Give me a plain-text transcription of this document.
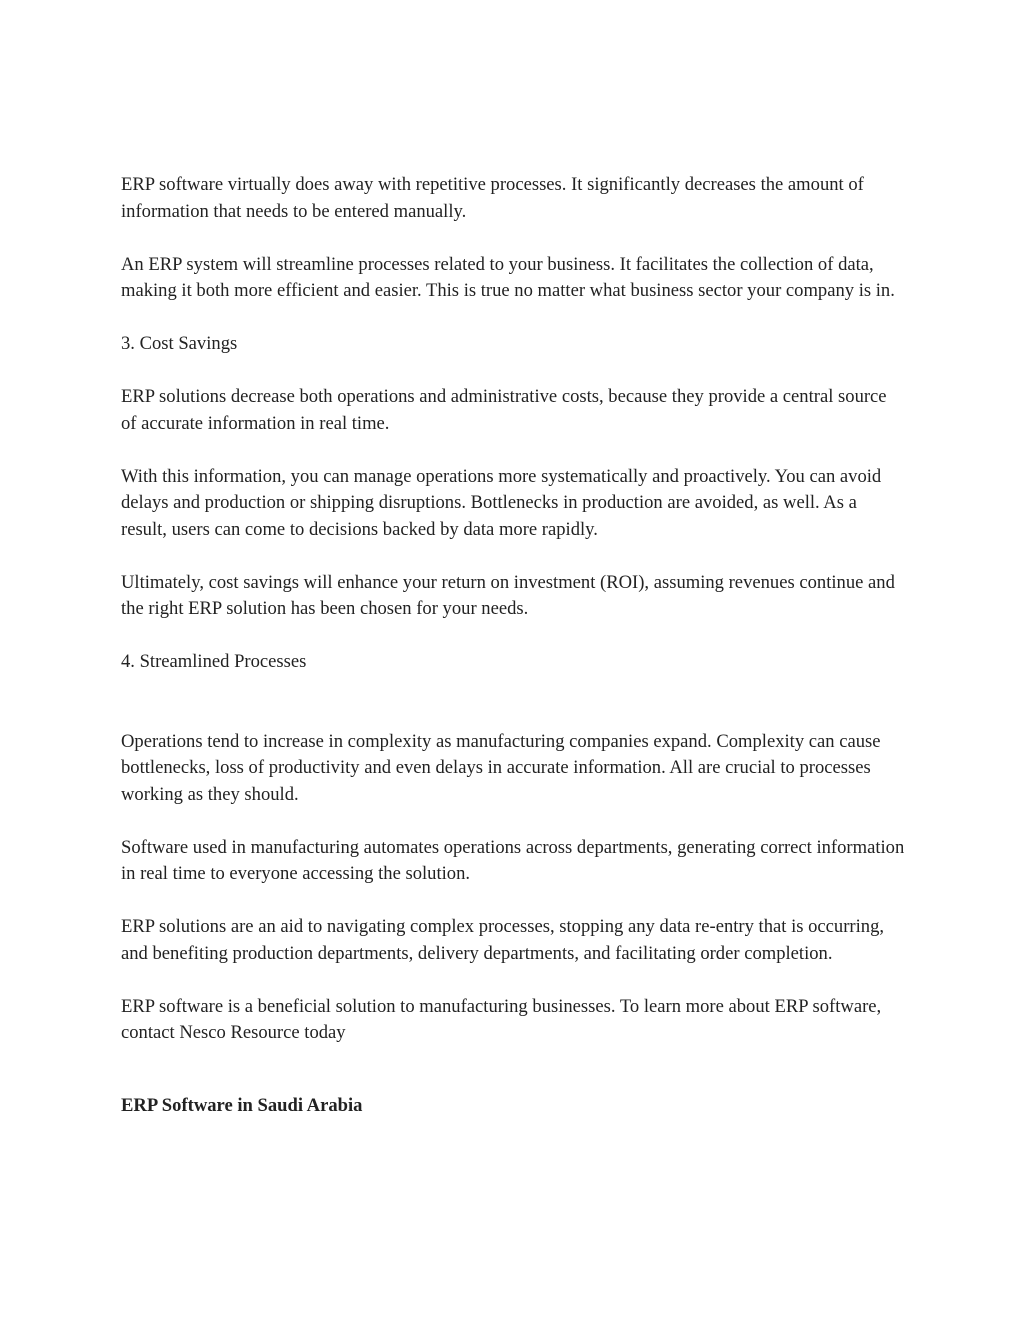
ERP software virtually does away with repetitive processes. It significantly decreases the amount of information that needs to be entered manually.

An ERP system will streamline processes related to your business. It facilitates the collection of data, making it both more efficient and easier. This is true no matter what business sector your company is in.

3. Cost Savings

ERP solutions decrease both operations and administrative costs, because they provide a central source of accurate information in real time.

With this information, you can manage operations more systematically and proactively. You can avoid delays and production or shipping disruptions. Bottlenecks in production are avoided, as well. As a result, users can come to decisions backed by data more rapidly.

Ultimately, cost savings will enhance your return on investment (ROI), assuming revenues continue and the right ERP solution has been chosen for your needs.

4. Streamlined Processes

Operations tend to increase in complexity as manufacturing companies expand. Complexity can cause bottlenecks, loss of productivity and even delays in accurate information. All are crucial to processes working as they should.

Software used in manufacturing automates operations across departments, generating correct information in real time to everyone accessing the solution.

ERP solutions are an aid to navigating complex processes, stopping any data re-entry that is occurring, and benefiting production departments, delivery departments, and facilitating order completion.

ERP software is a beneficial solution to manufacturing businesses. To learn more about ERP software, contact Nesco Resource today

ERP Software in Saudi Arabia
